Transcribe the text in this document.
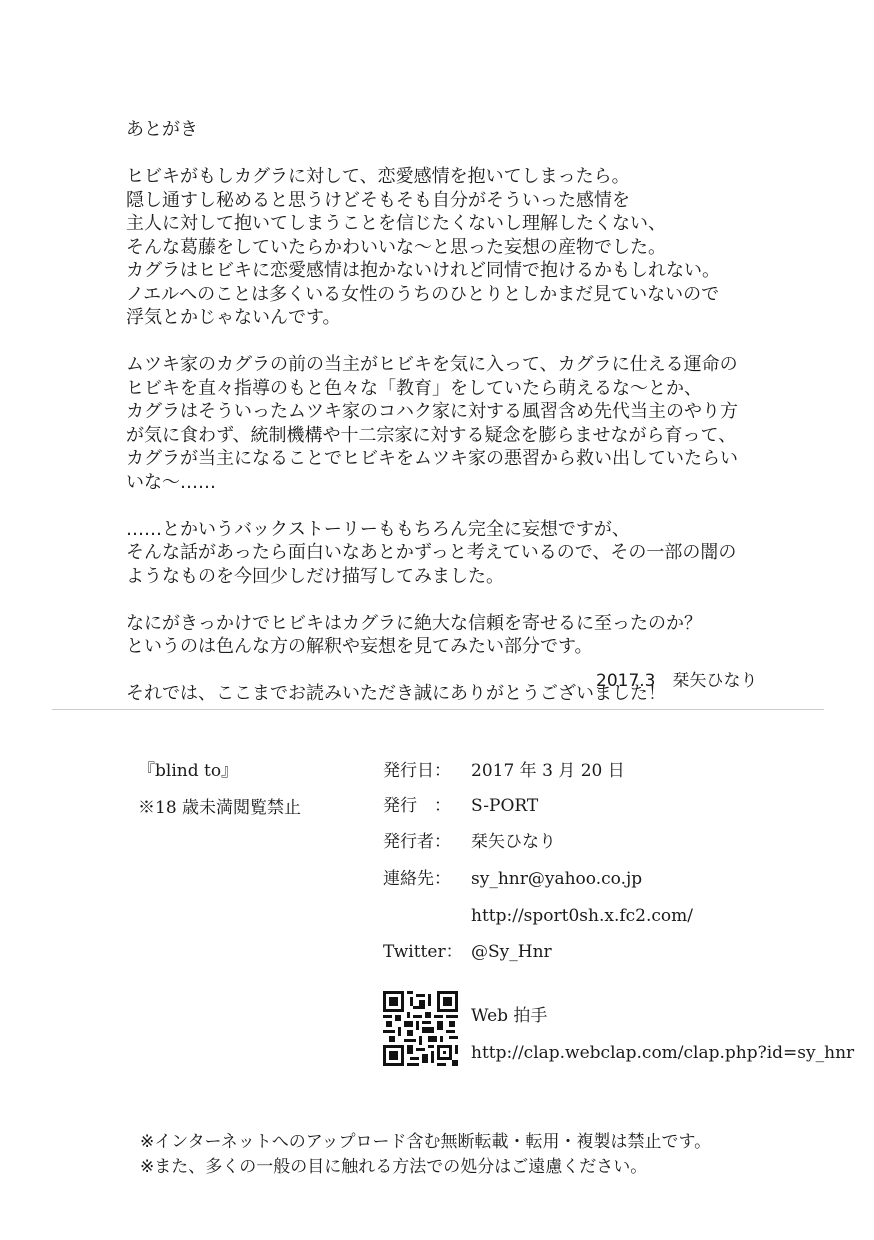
あとがき

ヒビキがもしカグラに対して、恋愛感情を抱いてしまったら。

隠し通すし秘めると思うけどそもそも自分がそういった感情を

主人に対して抱いてしまうことを信じたくないし理解したくない、

そんな葛藤をしていたらかわいいな〜と思った妄想の産物でした。

カグラはヒビキに恋愛感情は抱かないけれど同情で抱けるかもしれない。

ノエルへのことは多くいる女性のうちのひとりとしかまだ見ていないので

浮気とかじゃないんです。

ムツキ家のカグラの前の当主がヒビキを気に入って、カグラに仕える運命の

ヒビキを直々指導のもと色々な「教育」をしていたら萌えるな〜とか、

カグラはそういったムツキ家のコハク家に対する風習含め先代当主のやり方

が気に食わず、統制機構や十二宗家に対する疑念を膨らませながら育って、

カグラが当主になることでヒビキをムツキ家の悪習から救い出していたらい

いな〜……

……とかいうバックストーリーももちろん完全に妄想ですが、

そんな話があったら面白いなあとかずっと考えているので、その一部の闇の

ようなものを今回少しだけ描写してみました。

なにがきっかけでヒビキはカグラに絶大な信頼を寄せるに至ったのか？

というのは色んな方の解釈や妄想を見てみたい部分です。

それでは、ここまでお読みいただき誠にありがとうございました！

2017.3　栞矢ひなり
『blind to』
※18 歳未満閲覧禁止
発行日： 2017 年 3 月 20 日
発行　： S-PORT
発行者： 栞矢ひなり
連絡先： sy_hnr@yahoo.co.jp
http://sport0sh.x.fc2.com/
Twitter： @Sy_Hnr
Web 拍手
http://clap.webclap.com/clap.php?id=sy_hnr
※インターネットへのアップロード含む無断転載・転用・複製は禁止です。
※また、多くの一般の目に触れる方法での処分はご遠慮ください。
